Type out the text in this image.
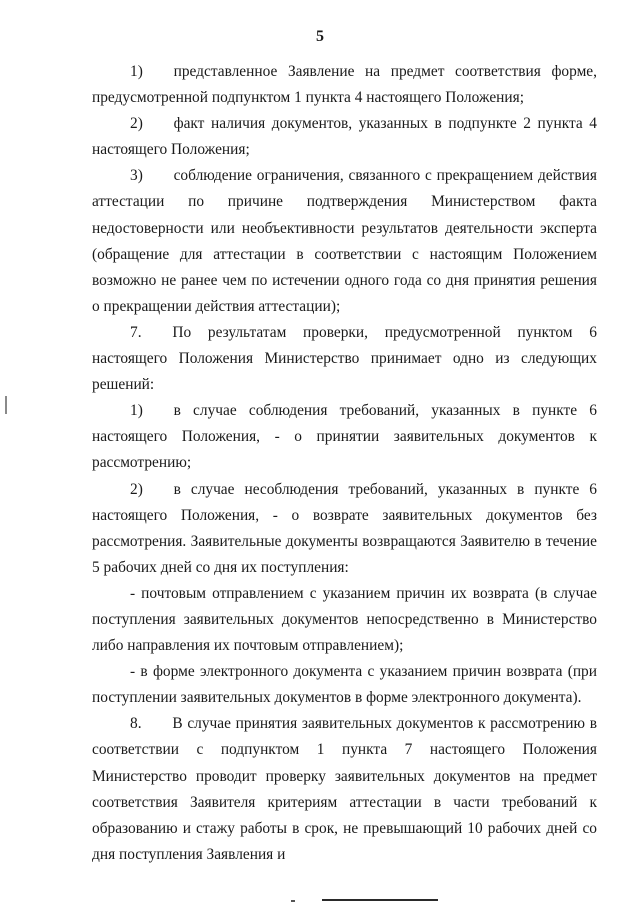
5

1)  представленное Заявление на предмет соответствия форме, предусмотренной подпунктом 1 пункта 4 настоящего Положения;

2)  факт наличия документов, указанных в подпункте 2 пункта 4 настоящего Положения;

3)  соблюдение ограничения, связанного с прекращением действия аттестации по причине подтверждения Министерством факта недостоверности или необъективности результатов деятельности эксперта (обращение для аттестации в соответствии с настоящим Положением возможно не ранее чем по истечении одного года со дня принятия решения о прекращении действия аттестации);

7.  По результатам проверки, предусмотренной пунктом 6 настоящего Положения Министерство принимает одно из следующих решений:

1)  в случае соблюдения требований, указанных в пункте 6 настоящего Положения, - о принятии заявительных документов к рассмотрению;

2)  в случае несоблюдения требований, указанных в пункте 6 настоящего Положения, - о возврате заявительных документов без рассмотрения. Заявительные документы возвращаются Заявителю в течение 5 рабочих дней со дня их поступления:

- почтовым отправлением с указанием причин их возврата (в случае поступления заявительных документов непосредственно в Министерство либо направления их почтовым отправлением);

- в форме электронного документа с указанием причин возврата (при поступлении заявительных документов в форме электронного документа).

8.  В случае принятия заявительных документов к рассмотрению в соответствии с подпунктом 1 пункта 7 настоящего Положения Министерство проводит проверку заявительных документов на предмет соответствия Заявителя критериям аттестации в части требований к образованию и стажу работы в срок, не превышающий 10 рабочих дней со дня поступления Заявления и
